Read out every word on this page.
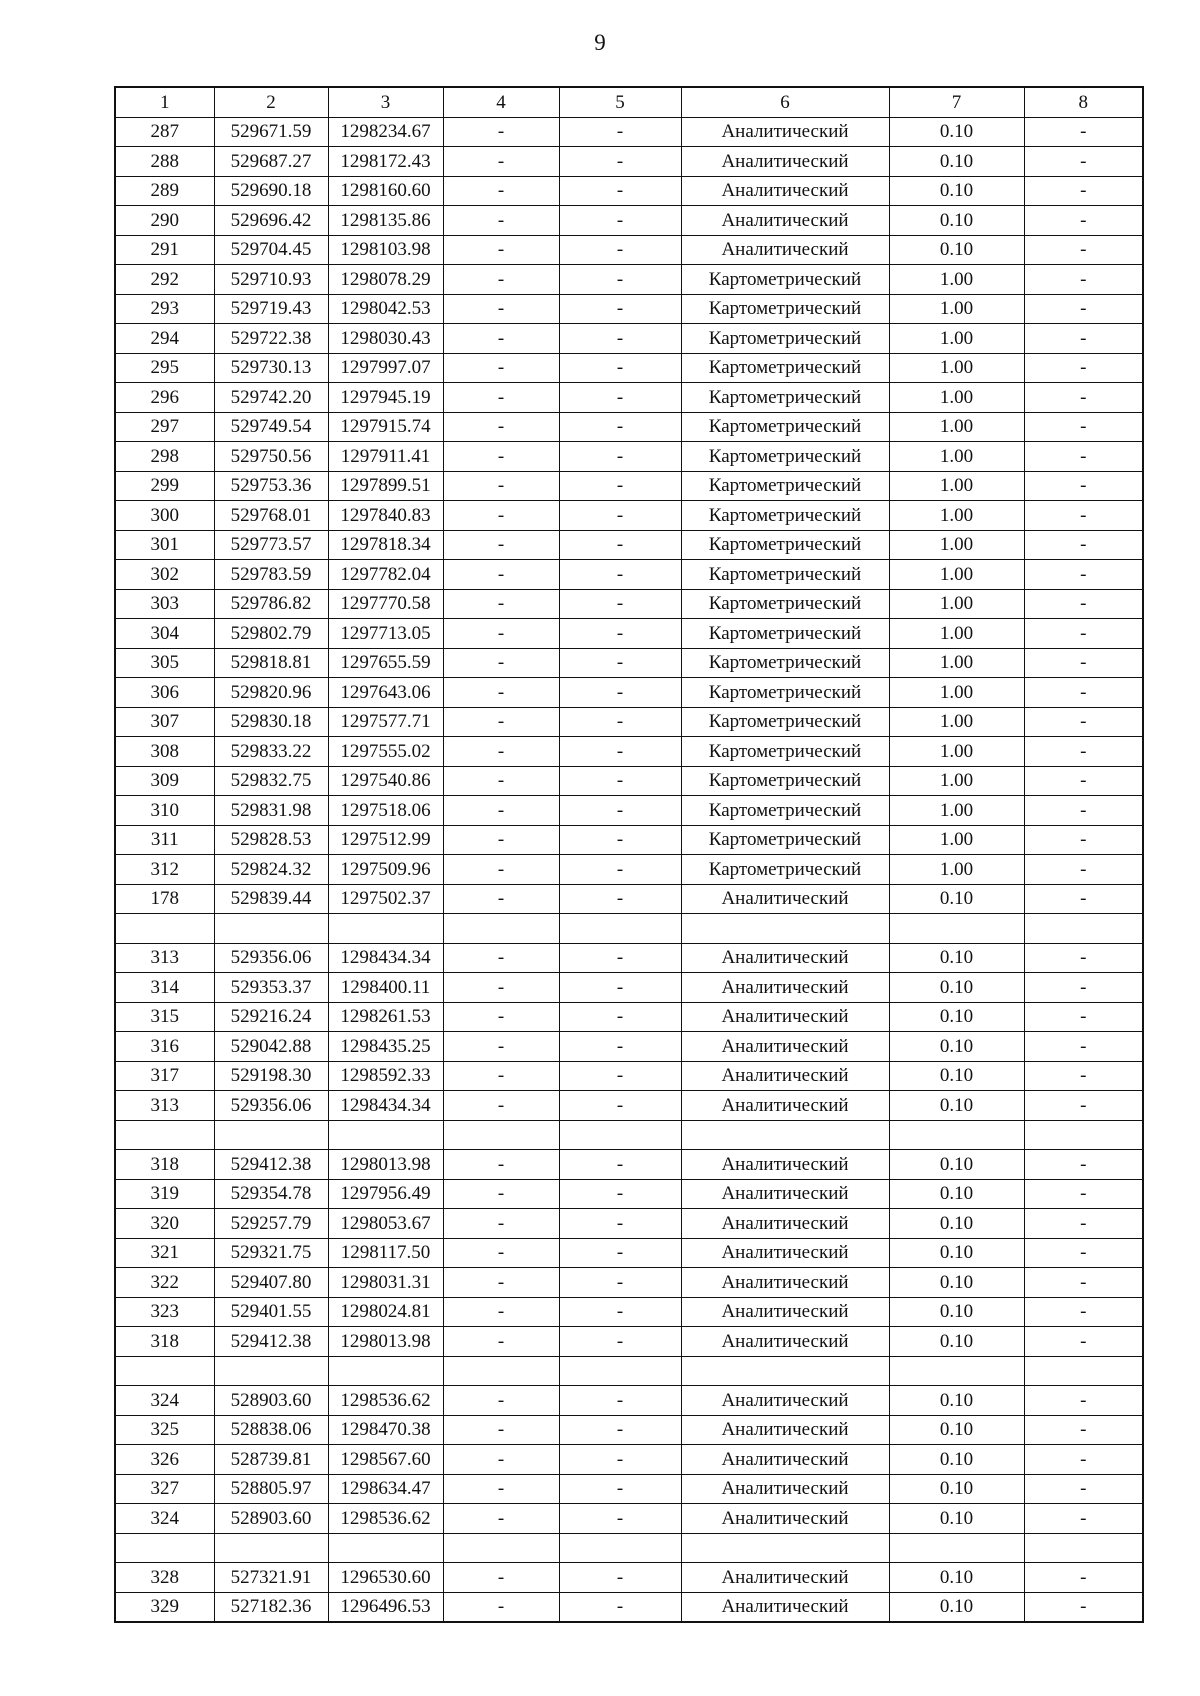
9
1	2	3	4	5	6	7	8
287	529671.59	1298234.67	-	-	Аналитический	0.10	-
288	529687.27	1298172.43	-	-	Аналитический	0.10	-
289	529690.18	1298160.60	-	-	Аналитический	0.10	-
290	529696.42	1298135.86	-	-	Аналитический	0.10	-
291	529704.45	1298103.98	-	-	Аналитический	0.10	-
292	529710.93	1298078.29	-	-	Картометрический	1.00	-
293	529719.43	1298042.53	-	-	Картометрический	1.00	-
294	529722.38	1298030.43	-	-	Картометрический	1.00	-
295	529730.13	1297997.07	-	-	Картометрический	1.00	-
296	529742.20	1297945.19	-	-	Картометрический	1.00	-
297	529749.54	1297915.74	-	-	Картометрический	1.00	-
298	529750.56	1297911.41	-	-	Картометрический	1.00	-
299	529753.36	1297899.51	-	-	Картометрический	1.00	-
300	529768.01	1297840.83	-	-	Картометрический	1.00	-
301	529773.57	1297818.34	-	-	Картометрический	1.00	-
302	529783.59	1297782.04	-	-	Картометрический	1.00	-
303	529786.82	1297770.58	-	-	Картометрический	1.00	-
304	529802.79	1297713.05	-	-	Картометрический	1.00	-
305	529818.81	1297655.59	-	-	Картометрический	1.00	-
306	529820.96	1297643.06	-	-	Картометрический	1.00	-
307	529830.18	1297577.71	-	-	Картометрический	1.00	-
308	529833.22	1297555.02	-	-	Картометрический	1.00	-
309	529832.75	1297540.86	-	-	Картометрический	1.00	-
310	529831.98	1297518.06	-	-	Картометрический	1.00	-
311	529828.53	1297512.99	-	-	Картометрический	1.00	-
312	529824.32	1297509.96	-	-	Картометрический	1.00	-
178	529839.44	1297502.37	-	-	Аналитический	0.10	-

313	529356.06	1298434.34	-	-	Аналитический	0.10	-
314	529353.37	1298400.11	-	-	Аналитический	0.10	-
315	529216.24	1298261.53	-	-	Аналитический	0.10	-
316	529042.88	1298435.25	-	-	Аналитический	0.10	-
317	529198.30	1298592.33	-	-	Аналитический	0.10	-
313	529356.06	1298434.34	-	-	Аналитический	0.10	-

318	529412.38	1298013.98	-	-	Аналитический	0.10	-
319	529354.78	1297956.49	-	-	Аналитический	0.10	-
320	529257.79	1298053.67	-	-	Аналитический	0.10	-
321	529321.75	1298117.50	-	-	Аналитический	0.10	-
322	529407.80	1298031.31	-	-	Аналитический	0.10	-
323	529401.55	1298024.81	-	-	Аналитический	0.10	-
318	529412.38	1298013.98	-	-	Аналитический	0.10	-

324	528903.60	1298536.62	-	-	Аналитический	0.10	-
325	528838.06	1298470.38	-	-	Аналитический	0.10	-
326	528739.81	1298567.60	-	-	Аналитический	0.10	-
327	528805.97	1298634.47	-	-	Аналитический	0.10	-
324	528903.60	1298536.62	-	-	Аналитический	0.10	-

328	527321.91	1296530.60	-	-	Аналитический	0.10	-
329	527182.36	1296496.53	-	-	Аналитический	0.10	-
